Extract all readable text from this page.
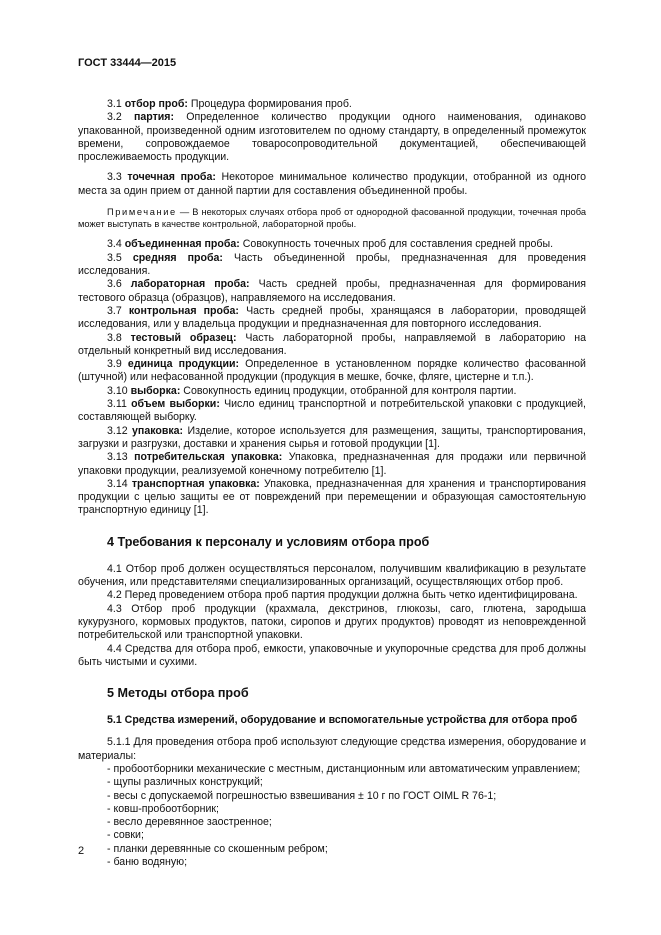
ГОСТ 33444—2015

3.1 отбор проб: Процедура формирования проб.

3.2 партия: Определенное количество продукции одного наименования, одинаково упакованной, произведенной одним изготовителем по одному стандарту, в определенный промежуток времени, сопровождаемое товаросопроводительной документацией, обеспечивающей прослеживаемость продукции.

3.3 точечная проба: Некоторое минимальное количество продукции, отобранной из одного места за один прием от данной партии для составления объединенной пробы.

Примечание — В некоторых случаях отбора проб от однородной фасованной продукции, точечная проба может выступать в качестве контрольной, лабораторной пробы.

3.4 объединенная проба: Совокупность точечных проб для составления средней пробы.

3.5 средняя проба: Часть объединенной пробы, предназначенная для проведения исследования.

3.6 лабораторная проба: Часть средней пробы, предназначенная для формирования тестового образца (образцов), направляемого на исследования.

3.7 контрольная проба: Часть средней пробы, хранящаяся в лаборатории, проводящей исследования, или у владельца продукции и предназначенная для повторного исследования.

3.8 тестовый образец: Часть лабораторной пробы, направляемой в лабораторию на отдельный конкретный вид исследования.

3.9 единица продукции: Определенное в установленном порядке количество фасованной (штучной) или нефасованной продукции (продукция в мешке, бочке, фляге, цистерне и т.п.).

3.10 выборка: Совокупность единиц продукции, отобранной для контроля партии.

3.11 объем выборки: Число единиц транспортной и потребительской упаковки с продукцией, составляющей выборку.

3.12 упаковка: Изделие, которое используется для размещения, защиты, транспортирования, загрузки и разгрузки, доставки и хранения сырья и готовой продукции [1].

3.13 потребительская упаковка: Упаковка, предназначенная для продажи или первичной упаковки продукции, реализуемой конечному потребителю [1].

3.14 транспортная упаковка: Упаковка, предназначенная для хранения и транспортирования продукции с целью защиты ее от повреждений при перемещении и образующая самостоятельную транспортную единицу [1].

4 Требования к персоналу и условиям отбора проб

4.1 Отбор проб должен осуществляться персоналом, получившим квалификацию в результате обучения, или представителями специализированных организаций, осуществляющих отбор проб.

4.2 Перед проведением отбора проб партия продукции должна быть четко идентифицирована.

4.3 Отбор проб продукции (крахмала, декстринов, глюкозы, саго, глютена, зародыша кукурузного, кормовых продуктов, патоки, сиропов и других продуктов) проводят из неповрежденной потребительской или транспортной упаковки.

4.4 Средства для отбора проб, емкости, упаковочные и укупорочные средства для проб должны быть чистыми и сухими.

5 Методы отбора проб
5.1 Средства измерений, оборудование и вспомогательные устройства для отбора проб

5.1.1 Для проведения отбора проб используют следующие средства измерения, оборудование и материалы:

- пробоотборники механические с местным, дистанционным или автоматическим управлением;
- щупы различных конструкций;
- весы с допускаемой погрешностью взвешивания ± 10 г по ГОСТ OIML R 76-1;
- ковш-пробоотборник;
- весло деревянное заостренное;
- совки;
- планки деревянные со скошенным ребром;
- баню водяную;
2
